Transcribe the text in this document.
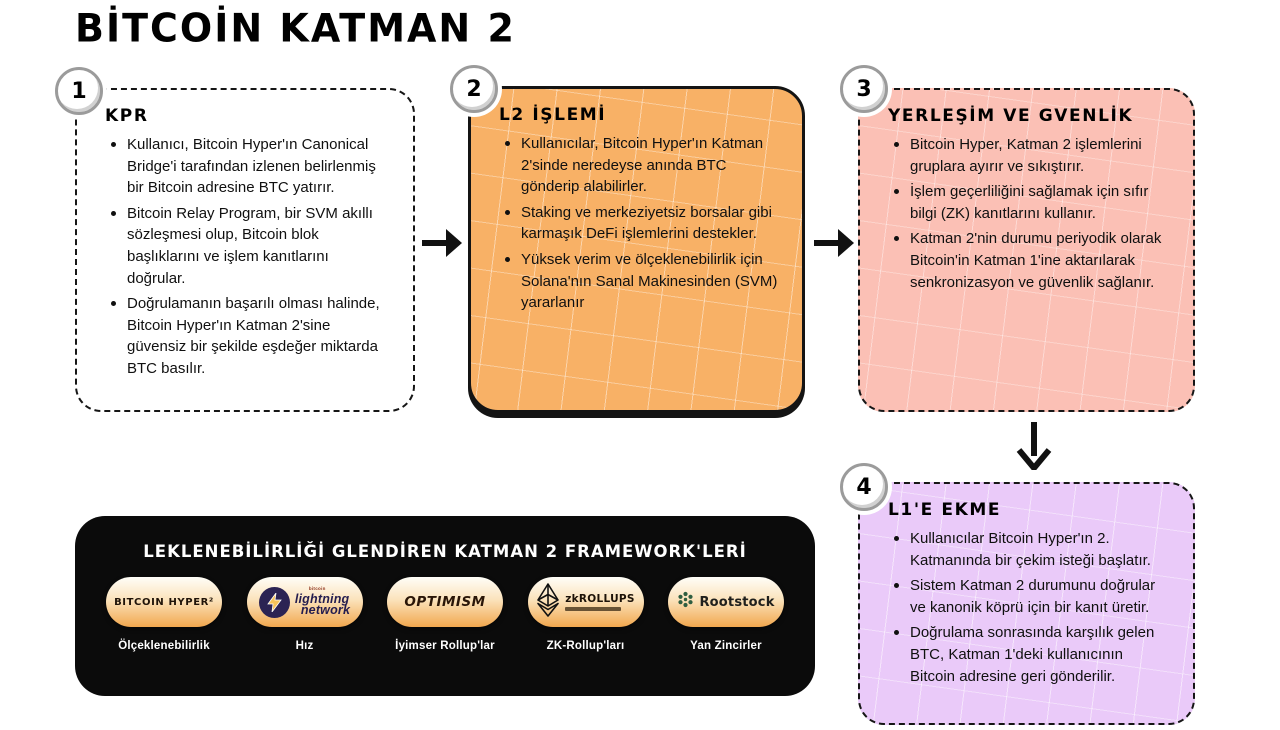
BİTCOİN KATMAN 2
1
KPR
Kullanıcı, Bitcoin Hyper'ın Canonical Bridge'i tarafından izlenen belirlenmiş bir Bitcoin adresine BTC yatırır.
Bitcoin Relay Program, bir SVM akıllı sözleşmesi olup, Bitcoin blok başlıklarını ve işlem kanıtlarını doğrular.
Doğrulamanın başarılı olması halinde, Bitcoin Hyper'ın Katman 2'sine güvensiz bir şekilde eşdeğer miktarda BTC basılır.
2
L2 İŞLEMİ
Kullanıcılar, Bitcoin Hyper'ın Katman 2'sinde neredeyse anında BTC gönderip alabilirler.
Staking ve merkeziyetsiz borsalar gibi karmaşık DeFi işlemlerini destekler.
Yüksek verim ve ölçeklenebilirlik için Solana'nın Sanal Makinesinden (SVM) yararlanır
3
YERLEŞİM VE GVENLİK
Bitcoin Hyper, Katman 2 işlemlerini gruplara ayırır ve sıkıştırır.
İşlem geçerliliğini sağlamak için sıfır bilgi (ZK) kanıtlarını kullanır.
Katman 2'nin durumu periyodik olarak Bitcoin'in Katman 1'ine aktarılarak senkronizasyon ve güvenlik sağlanır.
4
L1'E EKME
Kullanıcılar Bitcoin Hyper'ın 2. Katmanında bir çekim isteği başlatır.
Sistem Katman 2 durumunu doğrular ve kanonik köprü için bir kanıt üretir.
Doğrulama sonrasında karşılık gelen BTC, Katman 1'deki kullanıcının Bitcoin adresine geri gönderilir.
LEKLENEBİLİRLİĞİ GLENDİREN KATMAN 2 FRAMEWORK'LERİ
BITCOIN HYPER²
Ölçeklenebilirlik
bitcoin
lightning
network
Hız
OPTIMISM
İyimser Rollup'lar
zkROLLUPS
ZK-Rollup'ları
Rootstock
Yan Zincirler
